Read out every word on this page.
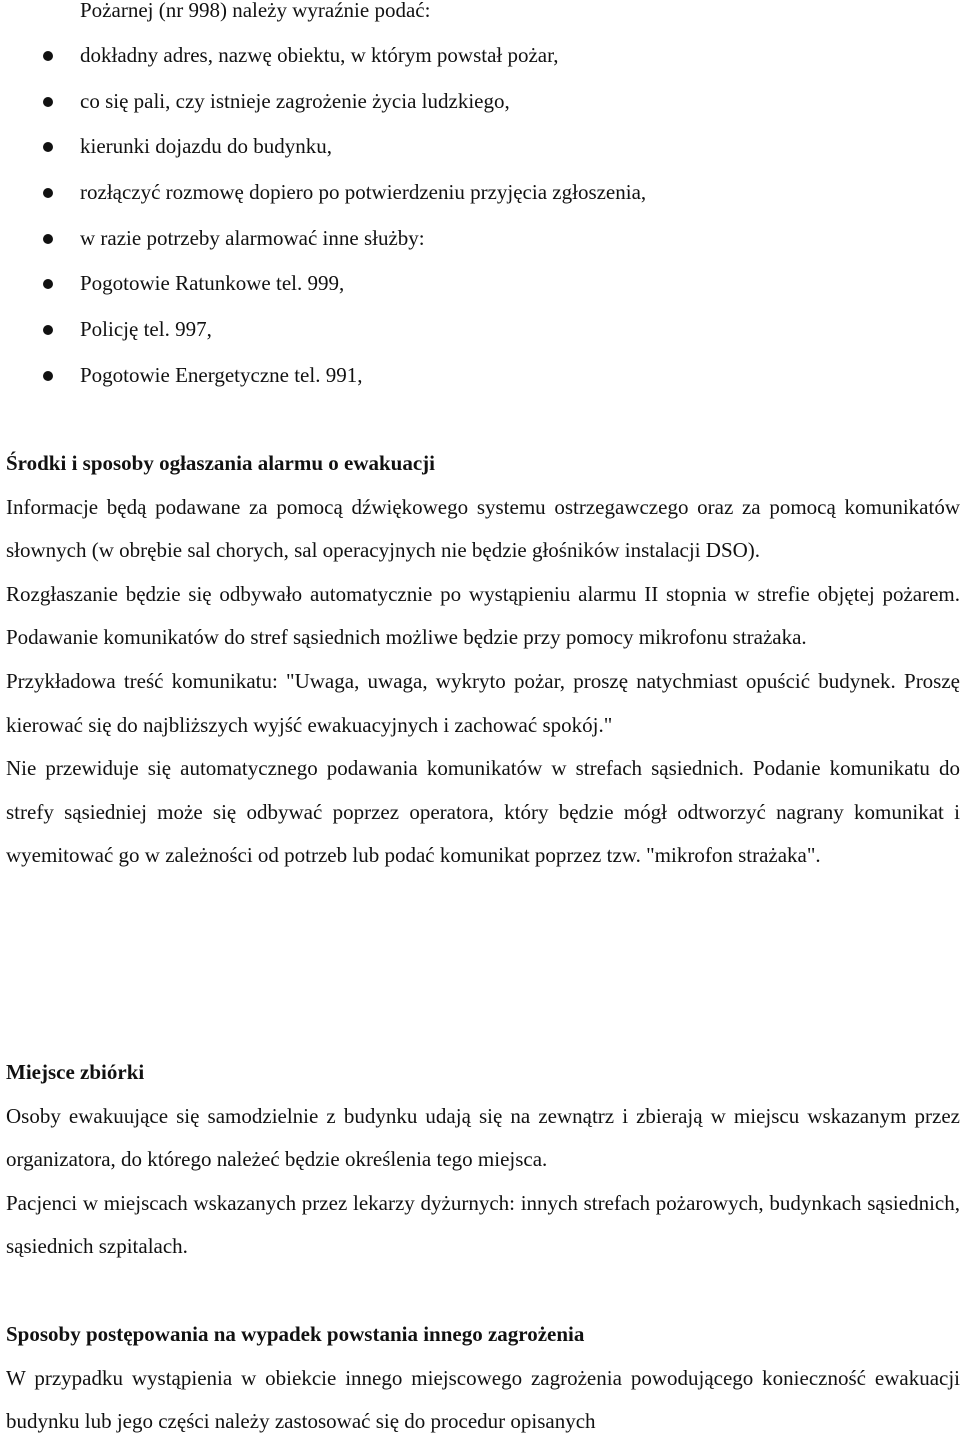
Pożarnej (nr 998) należy wyraźnie podać:
dokładny adres, nazwę obiektu, w którym powstał pożar,
co się pali, czy istnieje zagrożenie życia ludzkiego,
kierunki dojazdu do budynku,
rozłączyć rozmowę dopiero po potwierdzeniu przyjęcia zgłoszenia,
w razie potrzeby alarmować inne służby:
Pogotowie Ratunkowe tel. 999,
Policję tel. 997,
Pogotowie Energetyczne tel. 991,
Środki i sposoby ogłaszania alarmu o ewakuacji

Informacje będą podawane za pomocą dźwiękowego systemu ostrzegawczego oraz za pomocą komunikatów słownych (w obrębie sal chorych, sal operacyjnych nie będzie głośników instalacji DSO).

Rozgłaszanie będzie się odbywało automatycznie po wystąpieniu alarmu II stopnia w strefie objętej pożarem. Podawanie komunikatów do stref sąsiednich możliwe będzie przy pomocy mikrofonu strażaka.

Przykładowa treść komunikatu: "Uwaga, uwaga, wykryto pożar, proszę natychmiast opuścić budynek. Proszę kierować się do najbliższych wyjść ewakuacyjnych i zachować spokój."

Nie przewiduje się automatycznego podawania komunikatów w strefach sąsiednich. Podanie komunikatu do strefy sąsiedniej może się odbywać poprzez operatora, który będzie mógł odtworzyć nagrany komunikat i wyemitować go w zależności od potrzeb lub podać komunikat poprzez tzw. "mikrofon strażaka".

Miejsce zbiórki

Osoby ewakuujące się samodzielnie z budynku udają się na zewnątrz i zbierają w miejscu wskazanym przez organizatora, do którego należeć będzie określenia tego miejsca.

Pacjenci w miejscach wskazanych przez lekarzy dyżurnych: innych strefach pożarowych, budynkach sąsiednich, sąsiednich szpitalach.

Sposoby postępowania na wypadek powstania innego zagrożenia

W przypadku wystąpienia w obiekcie innego miejscowego zagrożenia powodującego konieczność ewakuacji budynku lub jego części należy zastosować się do procedur opisanych
